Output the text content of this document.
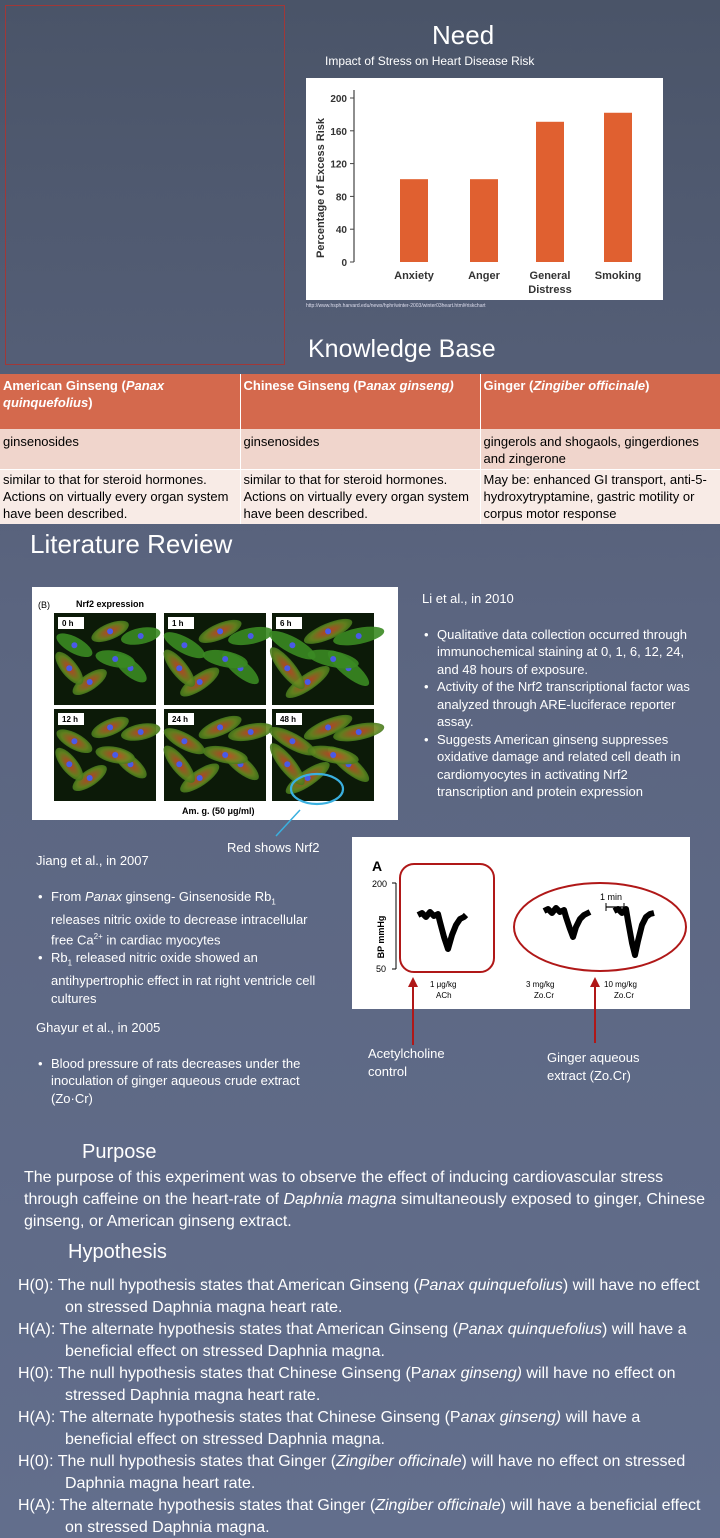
Need
Impact of Stress on Heart Disease Risk
Percentage of Excess Risk
0
40
80
120
160
200
Anxiety	Anger	General
Distress
Smoking
http://www.hsph.harvard.edu/news/hphr/winter-2003/winter03heart.html#riskchart
Knowledge Base
American Ginseng (Panax quinquefolius)	Chinese Ginseng (Panax ginseng)	Ginger (Zingiber officinale)
ginsenosides	ginsenosides	gingerols and shogaols, gingerdiones and zingerone
similar to that for steroid hormones. Actions on virtually every organ system have been described.	similar to that for steroid hormones. Actions on virtually every organ system have been described.	May be: enhanced GI transport, anti-5-hydroxytryptamine, gastric motility or corpus motor response
Literature Review
(B)	Nrf2 expression
0 h	1 h	6 h
12 h	24 h	48 h
Am. g. (50 μg/ml)
Li et al., in 2010
• Qualitative data collection occurred through immunochemical staining at 0, 1, 6, 12, 24, and 48 hours of exposure.
• Activity of the Nrf2 transcriptional factor was analyzed through ARE-luciferace reporter assay.
• Suggests American ginseng suppresses oxidative damage and related cell death in cardiomyocytes in activating Nrf2 transcription and protein expression
Red shows Nrf2
Jiang et al., in 2007
• From Panax ginseng- Ginsenoside $Rb_1$ releases nitric oxide to decrease intracellular free $Ca^{2+}$ in cardiac myocytes
• $Rb_1$ released nitric oxide showed an antihypertrophic effect in rat right ventricle cell cultures
Ghayur et al., in 2005
• Blood pressure of rats decreases under the inoculation of ginger aqueous crude extract (Zo·Cr)
A
200
50
BP mmHg
1 min
1 μg/kg
ACh
3 mg/kg
Zo.Cr
10 mg/kg
Zo.Cr
Acetylcholine control
Ginger aqueous extract (Zo.Cr)
Purpose
The purpose of this experiment was to observe the effect of inducing cardiovascular stress through caffeine on the heart-rate of Daphnia magna simultaneously exposed to ginger, Chinese ginseng, or American ginseng extract.
Hypothesis

H(0): The null hypothesis states that American Ginseng (Panax quinquefolius) will have no effect on stressed Daphnia magna heart rate.

H(A): The alternate hypothesis states that American Ginseng (Panax quinquefolius) will have a beneficial effect on stressed Daphnia magna.

H(0): The null hypothesis states that Chinese Ginseng (Panax ginseng) will have no effect on stressed Daphnia magna heart rate.

H(A): The alternate hypothesis states that Chinese Ginseng (Panax ginseng) will have a beneficial effect on stressed Daphnia magna.

H(0): The null hypothesis states that Ginger (Zingiber officinale) will have no effect on stressed Daphnia magna heart rate.

H(A): The alternate hypothesis states that Ginger (Zingiber officinale) will have a beneficial effect on stressed Daphnia magna.
